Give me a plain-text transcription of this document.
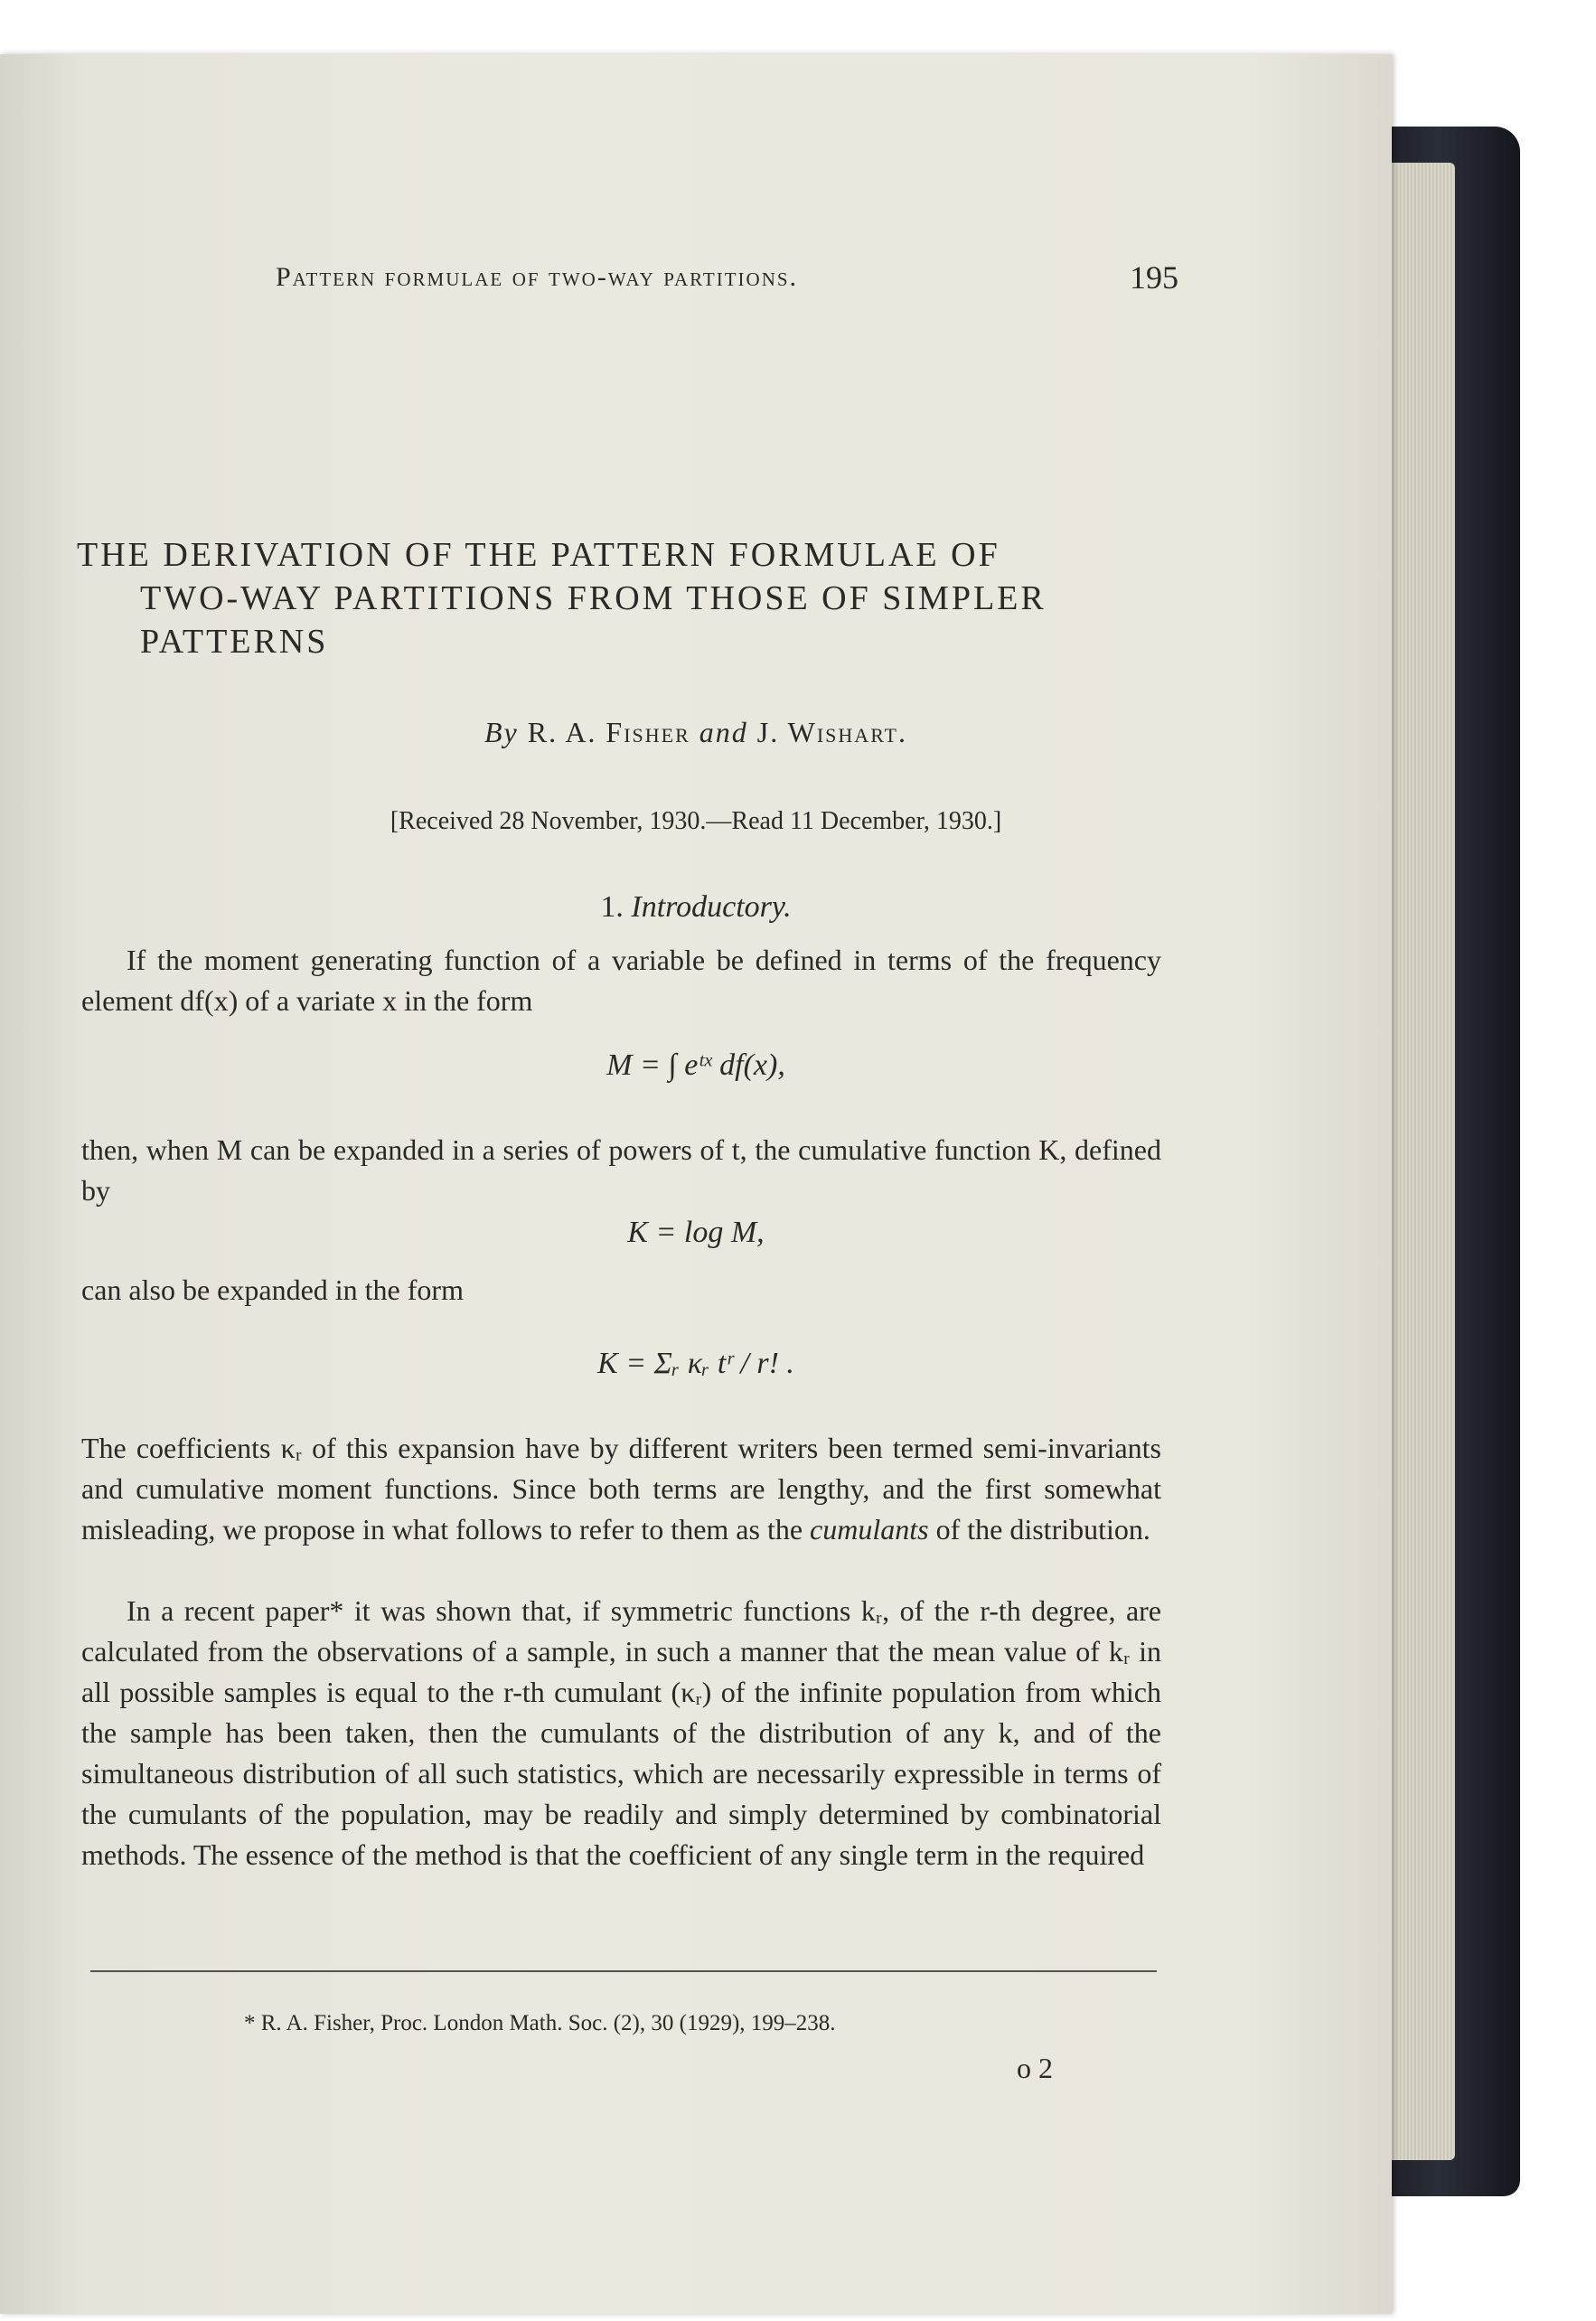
Pattern formulae of two-way partitions.	195
THE DERIVATION OF THE PATTERN FORMULAE OF
TWO-WAY PARTITIONS FROM THOSE OF SIMPLER
PATTERNS
By R. A. Fisher and J. Wishart.
[Received 28 November, 1930.—Read 11 December, 1930.]
1. Introductory.
If the moment generating function of a variable be defined in terms of the frequency element df(x) of a variate x in the form
M = ∫ eᵗˣ df(x),
then, when M can be expanded in a series of powers of t, the cumulative function K, defined by
K = log M,
can also be expanded in the form
K = Σᵣ κᵣ tʳ / r! .
The coefficients κᵣ of this expansion have by different writers been termed semi-invariants and cumulative moment functions. Since both terms are lengthy, and the first somewhat misleading, we propose in what follows to refer to them as the cumulants of the distribution.
In a recent paper* it was shown that, if symmetric functions kᵣ, of the r-th degree, are calculated from the observations of a sample, in such a manner that the mean value of kᵣ in all possible samples is equal to the r-th cumulant (κᵣ) of the infinite population from which the sample has been taken, then the cumulants of the distribution of any k, and of the simultaneous distribution of all such statistics, which are necessarily expressible in terms of the cumulants of the population, may be readily and simply determined by combinatorial methods. The essence of the method is that the coefficient of any single term in the required
* R. A. Fisher, Proc. London Math. Soc. (2), 30 (1929), 199–238.
o 2
